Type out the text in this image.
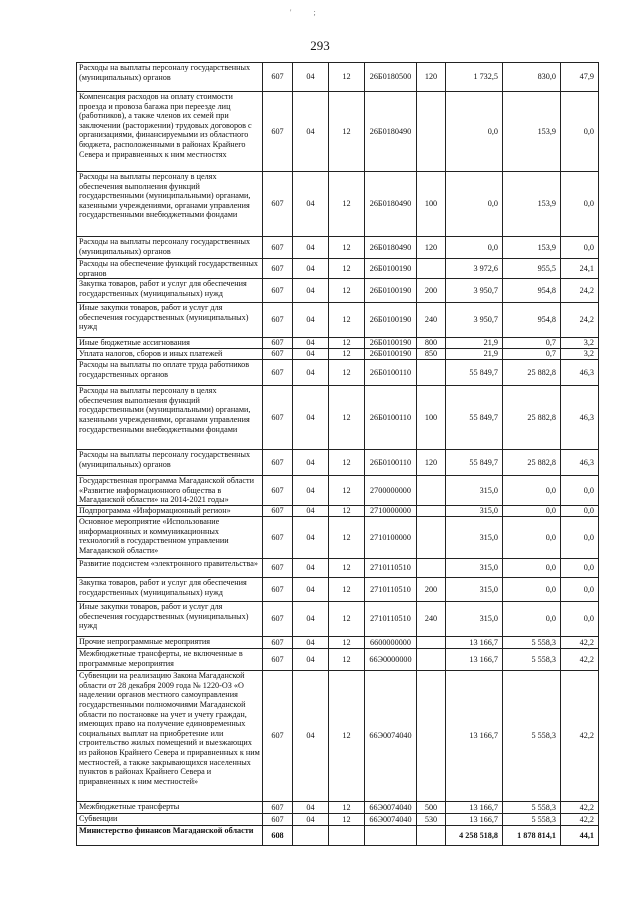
' ;
293
Расходы на выплаты персоналу государственных (муниципальных) органов	607	04	12	26Б0180500	120	1 732,5	830,0	47,9
Компенсация расходов на оплату стоимости проезда и провоза багажа при переезде лиц (работников), а также членов их семей при заключении (расторжении) трудовых договоров с организациями, финансируемыми из областного бюджета, расположенными в районах Крайнего Севера и приравненных к ним местностях	607	04	12	26Б0180490		0,0	153,9	0,0
Расходы на выплаты персоналу в целях обеспечения выполнения функций государственными (муниципальными) органами, казенными учреждениями, органами управления государственными внебюджетными фондами	607	04	12	26Б0180490	100	0,0	153,9	0,0
Расходы на выплаты персоналу государственных (муниципальных) органов	607	04	12	26Б0180490	120	0,0	153,9	0,0
Расходы на обеспечение функций государственных органов	607	04	12	26Б0100190		3 972,6	955,5	24,1
Закупка товаров, работ и услуг для обеспечения государственных (муниципальных) нужд	607	04	12	26Б0100190	200	3 950,7	954,8	24,2
Иные закупки товаров, работ и услуг для обеспечения государственных (муниципальных) нужд	607	04	12	26Б0100190	240	3 950,7	954,8	24,2
Иные бюджетные ассигнования	607	04	12	26Б0100190	800	21,9	0,7	3,2
Уплата налогов, сборов и иных платежей	607	04	12	26Б0100190	850	21,9	0,7	3,2
Расходы на выплаты по оплате труда работников государственных органов	607	04	12	26Б0100110		55 849,7	25 882,8	46,3
Расходы на выплаты персоналу в целях обеспечения выполнения функций государственными (муниципальными) органами, казенными учреждениями, органами управления государственными внебюджетными фондами	607	04	12	26Б0100110	100	55 849,7	25 882,8	46,3
Расходы на выплаты персоналу государственных (муниципальных) органов	607	04	12	26Б0100110	120	55 849,7	25 882,8	46,3
Государственная программа Магаданской области «Развитие информационного общества в Магаданской области» на 2014-2021 годы»	607	04	12	2700000000		315,0	0,0	0,0
Подпрограмма «Информационный регион»	607	04	12	2710000000		315,0	0,0	0,0
Основное мероприятие «Использование информационных и коммуникационных технологий в государственном управлении Магаданской области»	607	04	12	2710100000		315,0	0,0	0,0
Развитие подсистем «электронного правительства»	607	04	12	2710110510		315,0	0,0	0,0
Закупка товаров, работ и услуг для обеспечения государственных (муниципальных) нужд	607	04	12	2710110510	200	315,0	0,0	0,0
Иные закупки товаров, работ и услуг для обеспечения государственных (муниципальных) нужд	607	04	12	2710110510	240	315,0	0,0	0,0
Прочие непрограммные мероприятия	607	04	12	6600000000		13 166,7	5 558,3	42,2
Межбюджетные трансферты, не включенные в программные мероприятия	607	04	12	66Э0000000		13 166,7	5 558,3	42,2
Субвенции на реализацию Закона Магаданской области от 28 декабря 2009 года № 1220-ОЗ «О наделении органов местного самоуправления государственными полномочиями Магаданской области по постановке на учет и учету граждан, имеющих право на получение единовременных социальных выплат на приобретение или строительство жилых помещений и выезжающих из районов Крайнего Севера и приравненных к ним местностей, а также закрывающихся населенных пунктов в районах Крайнего Севера и приравненных к ним местностей»	607	04	12	66Э0074040		13 166,7	5 558,3	42,2
Межбюджетные трансферты	607	04	12	66Э0074040	500	13 166,7	5 558,3	42,2
Субвенции	607	04	12	66Э0074040	530	13 166,7	5 558,3	42,2
Министерство финансов Магаданской области	608					4 258 518,8	1 878 814,1	44,1
